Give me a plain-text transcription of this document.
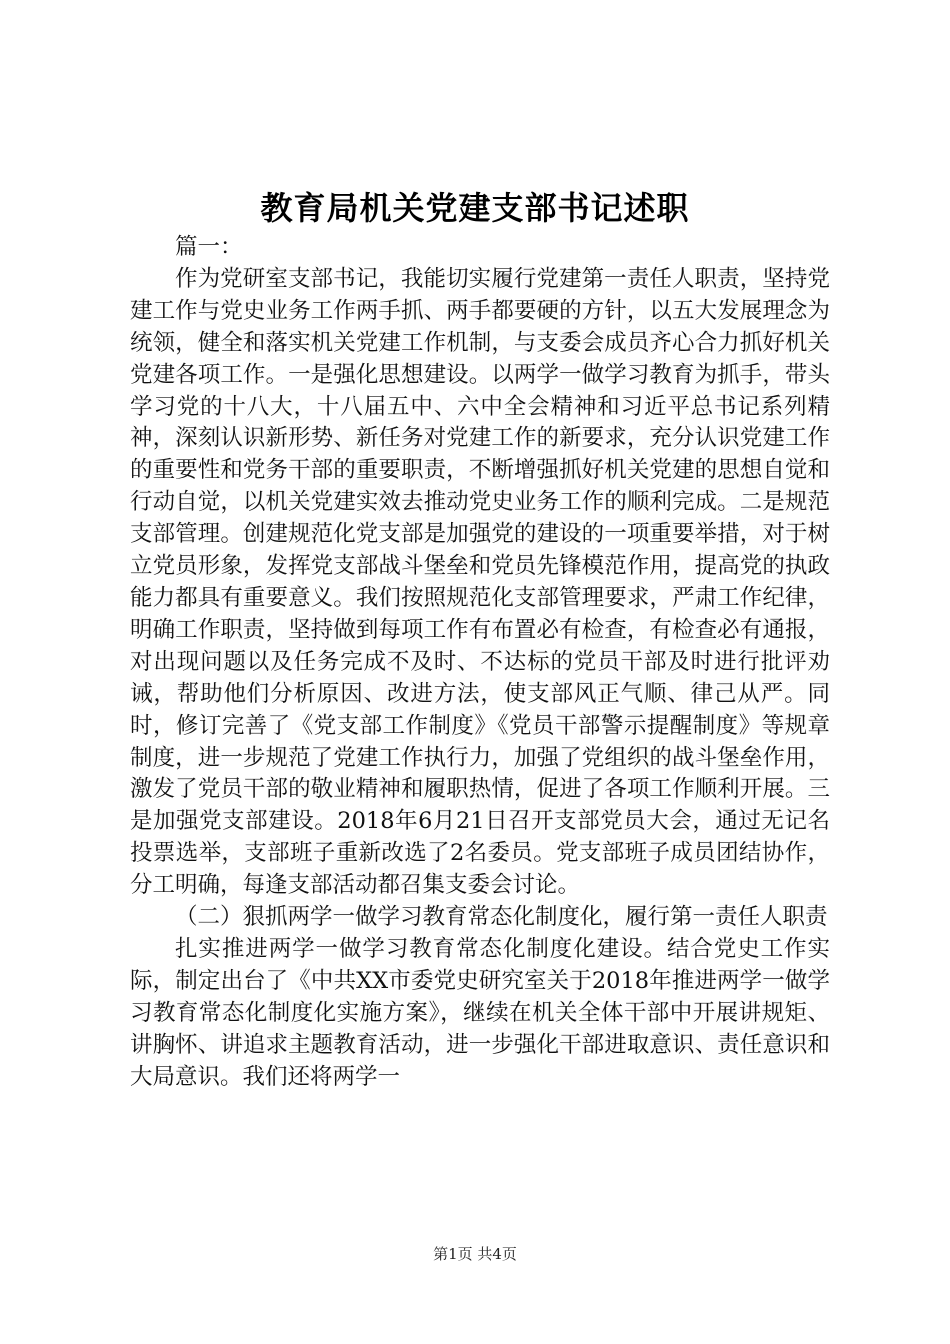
教育局机关党建支部书记述职

篇一：

作为党研室支部书记，我能切实履行党建第一责任人职责，坚持党建工作与党史业务工作两手抓、两手都要硬的方针，以五大发展理念为统领，健全和落实机关党建工作机制，与支委会成员齐心合力抓好机关党建各项工作。一是强化思想建设。以两学一做学习教育为抓手，带头学习党的十八大，十八届五中、六中全会精神和习近平总书记系列精神，深刻认识新形势、新任务对党建工作的新要求，充分认识党建工作的重要性和党务干部的重要职责，不断增强抓好机关党建的思想自觉和行动自觉，以机关党建实效去推动党史业务工作的顺利完成。二是规范支部管理。创建规范化党支部是加强党的建设的一项重要举措，对于树立党员形象，发挥党支部战斗堡垒和党员先锋模范作用，提高党的执政能力都具有重要意义。我们按照规范化支部管理要求，严肃工作纪律，明确工作职责，坚持做到每项工作有布置必有检查，有检查必有通报，对出现问题以及任务完成不及时、不达标的党员干部及时进行批评劝诫，帮助他们分析原因、改进方法，使支部风正气顺、律己从严。同时，修订完善了《党支部工作制度》《党员干部警示提醒制度》等规章制度，进一步规范了党建工作执行力，加强了党组织的战斗堡垒作用，激发了党员干部的敬业精神和履职热情，促进了各项工作顺利开展。三是加强党支部建设。2018年6月21日召开支部党员大会，通过无记名投票选举，支部班子重新改选了2名委员。党支部班子成员团结协作，分工明确，每逢支部活动都召集支委会讨论。

（二）狠抓两学一做学习教育常态化制度化，履行第一责任人职责

扎实推进两学一做学习教育常态化制度化建设。结合党史工作实际，制定出台了《中共XX市委党史研究室关于2018年推进两学一做学习教育常态化制度化实施方案》，继续在机关全体干部中开展讲规矩、讲胸怀、讲追求主题教育活动，进一步强化干部进取意识、责任意识和大局意识。我们还将两学一

第1页 共4页
